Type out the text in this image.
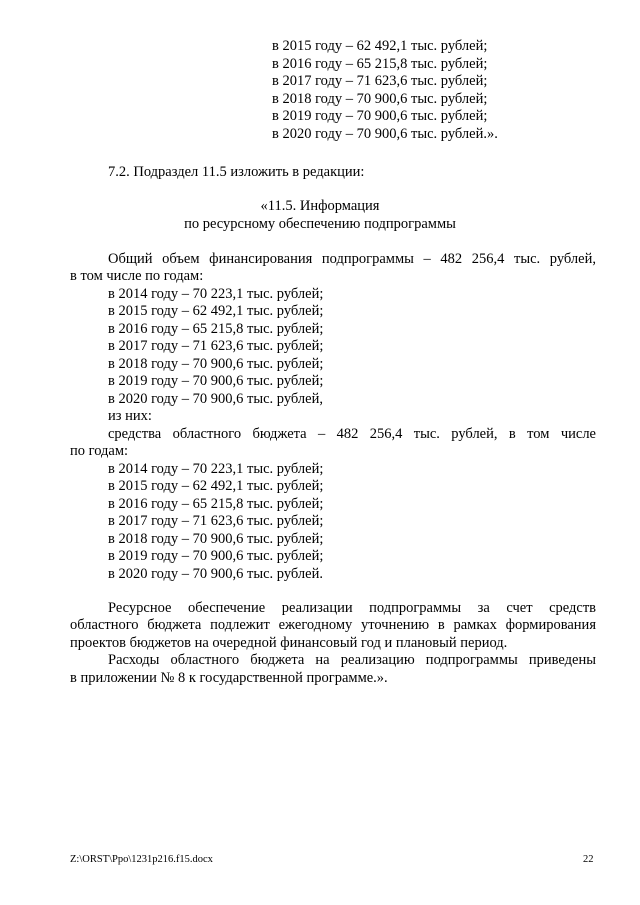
в 2015 году – 62 492,1 тыс. рублей;
в 2016 году – 65 215,8 тыс. рублей;
в 2017 году – 71 623,6 тыс. рублей;
в 2018 году – 70 900,6 тыс. рублей;
в 2019 году – 70 900,6 тыс. рублей;
в 2020 году – 70 900,6 тыс. рублей.».
7.2. Подраздел 11.5 изложить в редакции:
«11.5. Информация
по ресурсному обеспечению подпрограммы
Общий объем финансирования подпрограммы – 482 256,4 тыс. рублей,
в том числе по годам:
в 2014 году – 70 223,1 тыс. рублей;
в 2015 году – 62 492,1 тыс. рублей;
в 2016 году – 65 215,8 тыс. рублей;
в 2017 году – 71 623,6 тыс. рублей;
в 2018 году – 70 900,6 тыс. рублей;
в 2019 году – 70 900,6 тыс. рублей;
в 2020 году – 70 900,6 тыс. рублей,
из них:
средства областного бюджета – 482 256,4 тыс. рублей, в том числе
по годам:
в 2014 году – 70 223,1 тыс. рублей;
в 2015 году – 62 492,1 тыс. рублей;
в 2016 году – 65 215,8 тыс. рублей;
в 2017 году – 71 623,6 тыс. рублей;
в 2018 году – 70 900,6 тыс. рублей;
в 2019 году – 70 900,6 тыс. рублей;
в 2020 году – 70 900,6 тыс. рублей.
Ресурсное обеспечение реализации подпрограммы за счет средств
областного бюджета подлежит ежегодному уточнению в рамках формирования
проектов бюджетов на очередной финансовый год и плановый период.
Расходы областного бюджета на реализацию подпрограммы приведены
в приложении № 8 к государственной программе.».
Z:\ORST\Ppo\1231p216.f15.docx	22
